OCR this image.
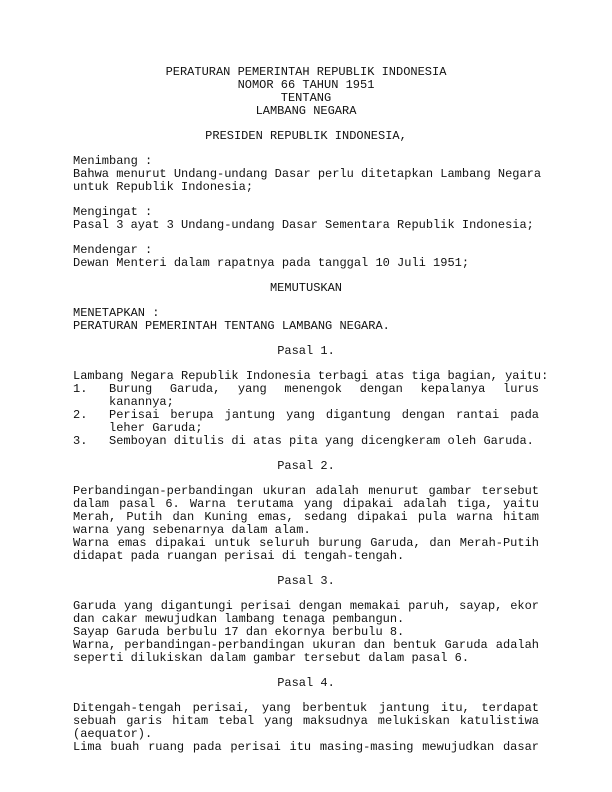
PERATURAN PEMERINTAH REPUBLIK INDONESIA
NOMOR 66 TAHUN 1951
TENTANG
LAMBANG NEGARA
PRESIDEN REPUBLIK INDONESIA,
Menimbang :
Bahwa menurut Undang-undang Dasar perlu ditetapkan Lambang Negara
untuk Republik Indonesia;
Mengingat :
Pasal 3 ayat 3 Undang-undang Dasar Sementara Republik Indonesia;
Mendengar :
Dewan Menteri dalam rapatnya pada tanggal 10 Juli 1951;
MEMUTUSKAN
MENETAPKAN :
PERATURAN PEMERINTAH TENTANG LAMBANG NEGARA.
Pasal 1.
Lambang Negara Republik Indonesia terbagi atas tiga bagian, yaitu:
1. Burung Garuda, yang menengok dengan kepalanya lurus
kanannya;
2. Perisai berupa jantung yang digantung dengan rantai pada
leher Garuda;
3. Semboyan ditulis di atas pita yang dicengkeram oleh Garuda.
Pasal 2.
Perbandingan-perbandingan ukuran adalah menurut gambar tersebut
dalam pasal 6. Warna terutama yang dipakai adalah tiga, yaitu
Merah, Putih dan Kuning emas, sedang dipakai pula warna hitam
warna yang sebenarnya dalam alam.
Warna emas dipakai untuk seluruh burung Garuda, dan Merah-Putih
didapat pada ruangan perisai di tengah-tengah.
Pasal 3.
Garuda yang digantungi perisai dengan memakai paruh, sayap, ekor
dan cakar mewujudkan lambang tenaga pembangun.
Sayap Garuda berbulu 17 dan ekornya berbulu 8.
Warna, perbandingan-perbandingan ukuran dan bentuk Garuda adalah
seperti dilukiskan dalam gambar tersebut dalam pasal 6.
Pasal 4.
Ditengah-tengah perisai, yang berbentuk jantung itu, terdapat
sebuah garis hitam tebal yang maksudnya melukiskan katulistiwa
(aequator).
Lima buah ruang pada perisai itu masing-masing mewujudkan dasar
